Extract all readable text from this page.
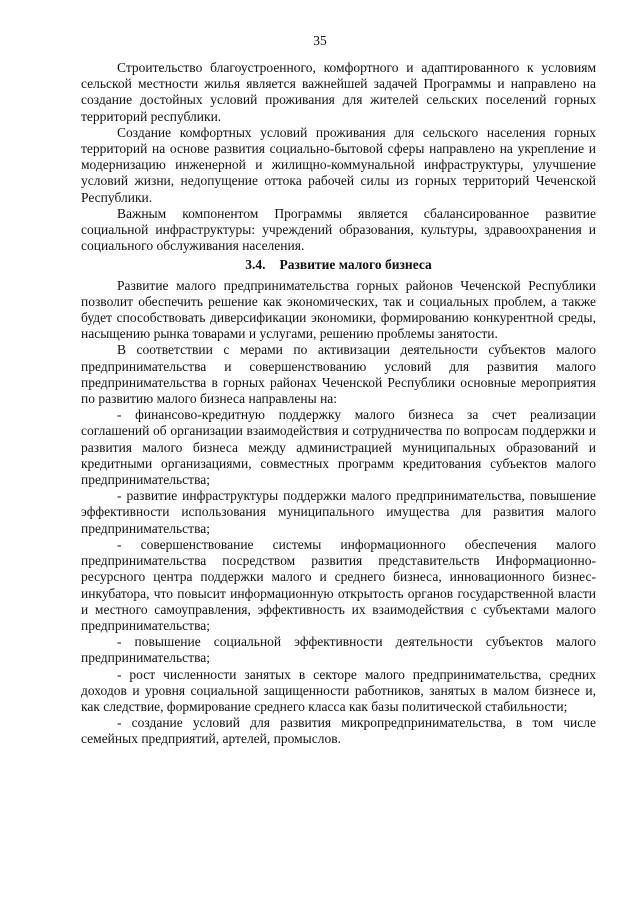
35

Строительство благоустроенного, комфортного и адаптированного к условиям сельской местности жилья является важнейшей задачей Программы и направлено на создание достойных условий проживания для жителей сельских поселений горных территорий республики.

Создание комфортных условий проживания для сельского населения горных территорий на основе развития социально-бытовой сферы направлено на укрепление и модернизацию инженерной и жилищно-коммунальной инфраструктуры, улучшение условий жизни, недопущение оттока рабочей силы из горных территорий Чеченской Республики.

Важным компонентом Программы является сбалансированное развитие социальной инфраструктуры: учреждений образования, культуры, здравоохранения и социального обслуживания населения.

3.4. Развитие малого бизнеса

Развитие малого предпринимательства горных районов Чеченской Республики позволит обеспечить решение как экономических, так и социальных проблем, а также будет способствовать диверсификации экономики, формированию конкурентной среды, насыщению рынка товарами и услугами, решению проблемы занятости.

В соответствии с мерами по активизации деятельности субъектов малого предпринимательства и совершенствованию условий для развития малого предпринимательства в горных районах Чеченской Республики основные мероприятия по развитию малого бизнеса направлены на:

- финансово-кредитную поддержку малого бизнеса за счет реализации соглашений об организации взаимодействия и сотрудничества по вопросам поддержки и развития малого бизнеса между администрацией муниципальных образований и кредитными организациями, совместных программ кредитования субъектов малого предпринимательства;

- развитие инфраструктуры поддержки малого предпринимательства, повышение эффективности использования муниципального имущества для развития малого предпринимательства;

- совершенствование системы информационного обеспечения малого предпринимательства посредством развития представительств Информационно-ресурсного центра поддержки малого и среднего бизнеса, инновационного бизнес-инкубатора, что повысит информационную открытость органов государственной власти и местного самоуправления, эффективность их взаимодействия с субъектами малого предпринимательства;

- повышение социальной эффективности деятельности субъектов малого предпринимательства;

- рост численности занятых в секторе малого предпринимательства, средних доходов и уровня социальной защищенности работников, занятых в малом бизнесе и, как следствие, формирование среднего класса как базы политической стабильности;

- создание условий для развития микропредпринимательства, в том числе семейных предприятий, артелей, промыслов.
